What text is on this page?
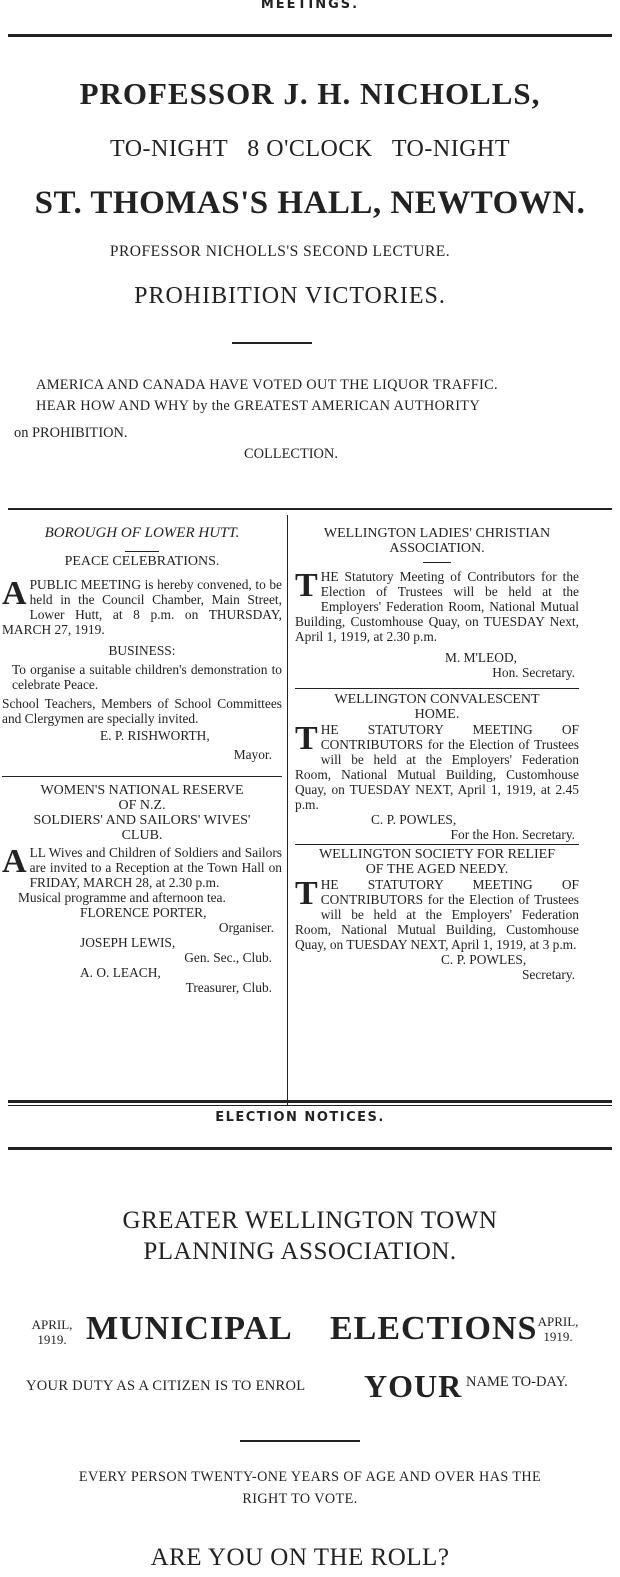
MEETINGS.
PROFESSOR J. H. NICHOLLS,
TO-NIGHT 8 O'CLOCK TO-NIGHT
ST. THOMAS'S HALL, NEWTOWN.
PROFESSOR NICHOLLS'S SECOND LECTURE.
PROHIBITION VICTORIES.
AMERICA AND CANADA HAVE VOTED OUT THE LIQUOR TRAFFIC.
HEAR HOW AND WHY by the GREATEST AMERICAN AUTHORITY
on PROHIBITION.
COLLECTION.
BOROUGH OF LOWER HUTT.
PEACE CELEBRATIONS.
A PUBLIC MEETING is hereby convened, to be held in the Council Chamber, Main Street, Lower Hutt, at 8 p.m. on THURSDAY, MARCH 27, 1919.
BUSINESS:
To organise a suitable children's demonstration to celebrate Peace.
School Teachers, Members of School Committees and Clergymen are specially invited.
E. P. RISHWORTH,
Mayor.
WOMEN'S NATIONAL RESERVE
OF N.Z.
SOLDIERS' AND SAILORS' WIVES'
CLUB.
A LL Wives and Children of Soldiers and Sailors are invited to a Reception at the Town Hall on FRIDAY, MARCH 28, at 2.30 p.m.
Musical programme and afternoon tea.
FLORENCE PORTER,
Organiser.
JOSEPH LEWIS,
Gen. Sec., Club.
A. O. LEACH,
Treasurer, Club.
WELLINGTON LADIES' CHRISTIAN
ASSOCIATION.
T HE Statutory Meeting of Contributors for the Election of Trustees will be held at the Employers' Federation Room, National Mutual Building, Customhouse Quay, on TUESDAY Next, April 1, 1919, at 2.30 p.m.
M. M'LEOD,
Hon. Secretary.
WELLINGTON CONVALESCENT
HOME.
T HE STATUTORY MEETING OF CONTRIBUTORS for the Election of Trustees will be held at the Employers' Federation Room, National Mutual Building, Customhouse Quay, on TUESDAY NEXT, April 1, 1919, at 2.45 p.m.
C. P. POWLES,
For the Hon. Secretary.
WELLINGTON SOCIETY FOR RELIEF
OF THE AGED NEEDY.
T HE STATUTORY MEETING OF CONTRIBUTORS for the Election of Trustees will be held at the Employers' Federation Room, National Mutual Building, Customhouse Quay, on TUESDAY NEXT, April 1, 1919, at 3 p.m.
C. P. POWLES,
Secretary.
ELECTION NOTICES.
GREATER WELLINGTON TOWN
PLANNING ASSOCIATION.
APRIL,
1919. MUNICIPAL ELECTIONS APRIL,
1919.
YOUR DUTY AS A CITIZEN IS TO ENROL YOUR NAME TO-DAY.
EVERY PERSON TWENTY-ONE YEARS OF AGE AND OVER HAS THE
RIGHT TO VOTE.
ARE YOU ON THE ROLL?
